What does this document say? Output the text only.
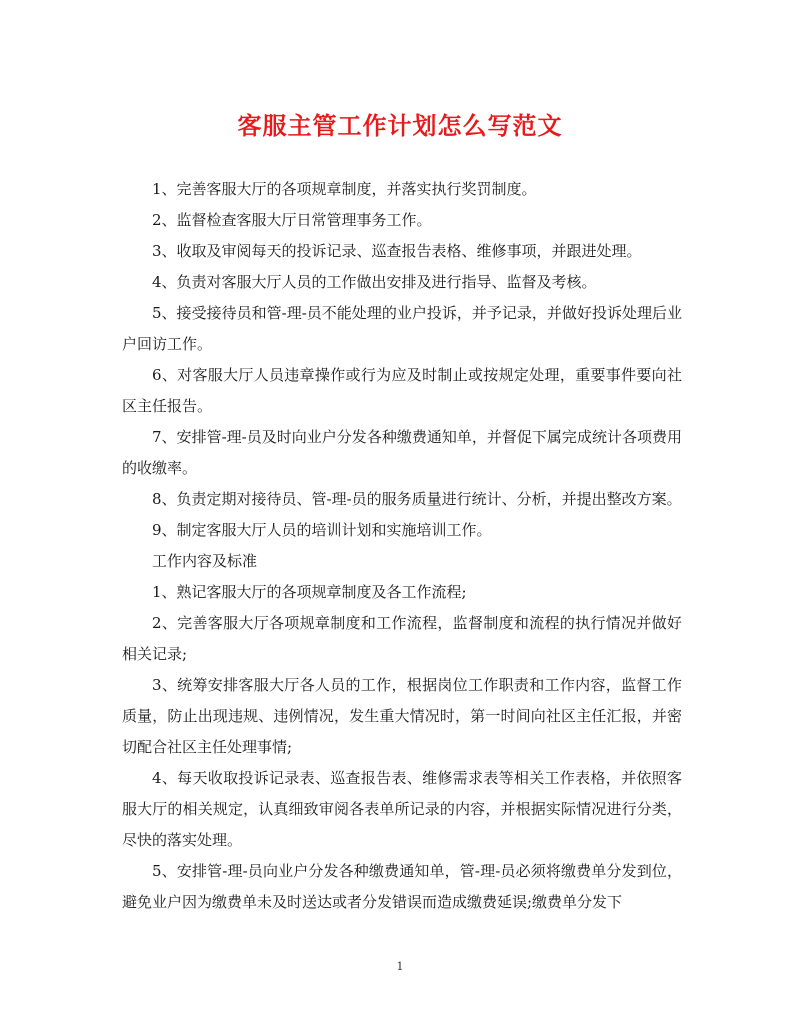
客服主管工作计划怎么写范文

1、完善客服大厅的各项规章制度，并落实执行奖罚制度。

2、监督检查客服大厅日常管理事务工作。

3、收取及审阅每天的投诉记录、巡查报告表格、维修事项，并跟进处理。

4、负责对客服大厅人员的工作做出安排及进行指导、监督及考核。

5、接受接待员和管-理-员不能处理的业户投诉，并予记录，并做好投诉处理后业户回访工作。

6、对客服大厅人员违章操作或行为应及时制止或按规定处理，重要事件要向社区主任报告。

7、安排管-理-员及时向业户分发各种缴费通知单，并督促下属完成统计各项费用的收缴率。

8、负责定期对接待员、管-理-员的服务质量进行统计、分析，并提出整改方案。

9、制定客服大厅人员的培训计划和实施培训工作。

工作内容及标准

1、熟记客服大厅的各项规章制度及各工作流程;

2、完善客服大厅各项规章制度和工作流程，监督制度和流程的执行情况并做好相关记录;

3、统筹安排客服大厅各人员的工作，根据岗位工作职责和工作内容，监督工作质量，防止出现违规、违例情况，发生重大情况时，第一时间向社区主任汇报，并密切配合社区主任处理事情;

4、每天收取投诉记录表、巡查报告表、维修需求表等相关工作表格，并依照客服大厅的相关规定，认真细致审阅各表单所记录的内容，并根据实际情况进行分类，尽快的落实处理。

5、安排管-理-员向业户分发各种缴费通知单，管-理-员必须将缴费单分发到位，避免业户因为缴费单未及时送达或者分发错误而造成缴费延误;缴费单分发下

1
